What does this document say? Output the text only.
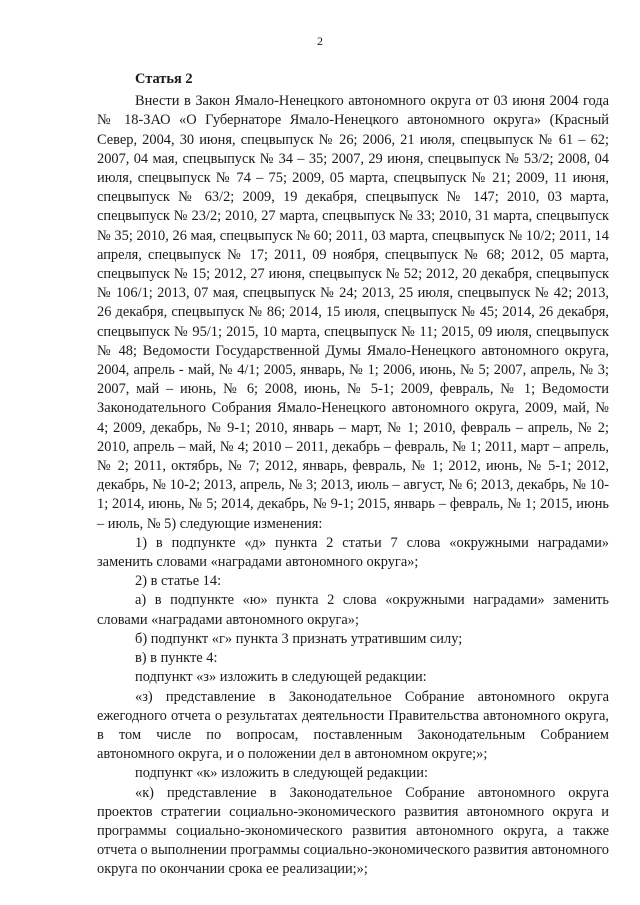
2

Статья 2

Внести в Закон Ямало-Ненецкого автономного округа от 03 июня 2004 года № 18-ЗАО «О Губернаторе Ямало-Ненецкого автономного округа» (Красный Север, 2004, 30 июня, спецвыпуск № 26; 2006, 21 июля, спецвыпуск № 61 – 62; 2007, 04 мая, спецвыпуск № 34 – 35; 2007, 29 июня, спецвыпуск № 53/2; 2008, 04 июля, спецвыпуск № 74 – 75; 2009, 05 марта, спецвыпуск № 21; 2009, 11 июня, спецвыпуск № 63/2; 2009, 19 декабря, спецвыпуск № 147; 2010, 03 марта, спецвыпуск № 23/2; 2010, 27 марта, спецвыпуск № 33; 2010, 31 марта, спецвыпуск № 35; 2010, 26 мая, спецвыпуск № 60; 2011, 03 марта, спецвыпуск № 10/2; 2011, 14 апреля, спецвыпуск № 17; 2011, 09 ноября, спецвыпуск № 68; 2012, 05 марта, спецвыпуск № 15; 2012, 27 июня, спецвыпуск № 52; 2012, 20 декабря, спецвыпуск № 106/1; 2013, 07 мая, спецвыпуск № 24; 2013, 25 июля, спецвыпуск № 42; 2013, 26 декабря, спецвыпуск № 86; 2014, 15 июля, спецвыпуск № 45; 2014, 26 декабря, спецвыпуск № 95/1; 2015, 10 марта, спецвыпуск № 11; 2015, 09 июля, спецвыпуск № 48; Ведомости Государственной Думы Ямало-Ненецкого автономного округа, 2004, апрель - май, № 4/1; 2005, январь, № 1; 2006, июнь, № 5; 2007, апрель, № 3; 2007, май – июнь, № 6; 2008, июнь, № 5-1; 2009, февраль, № 1; Ведомости Законодательного Собрания Ямало-Ненецкого автономного округа, 2009, май, № 4; 2009, декабрь, № 9-1; 2010, январь – март, № 1; 2010, февраль – апрель, № 2; 2010, апрель – май, № 4; 2010 – 2011, декабрь – февраль, № 1; 2011, март – апрель, № 2; 2011, октябрь, № 7; 2012, январь, февраль, № 1; 2012, июнь, № 5-1; 2012, декабрь, № 10-2; 2013, апрель, № 3; 2013, июль – август, № 6; 2013, декабрь, № 10-1; 2014, июнь, № 5; 2014, декабрь, № 9-1; 2015, январь – февраль, № 1; 2015, июнь – июль, № 5) следующие изменения:

1) в подпункте «д» пункта 2 статьи 7 слова «окружными наградами» заменить словами «наградами автономного округа»;

2) в статье 14:

а) в подпункте «ю» пункта 2 слова «окружными наградами» заменить словами «наградами автономного округа»;

б) подпункт «г» пункта 3 признать утратившим силу;

в) в пункте 4:

подпункт «з» изложить в следующей редакции:

«з) представление в Законодательное Собрание автономного округа ежегодного отчета о результатах деятельности Правительства автономного округа, в том числе по вопросам, поставленным Законодательным Собранием автономного округа, и о положении дел в автономном округе;»;

подпункт «к» изложить в следующей редакции:

«к) представление в Законодательное Собрание автономного округа проектов стратегии социально-экономического развития автономного округа и программы социально-экономического развития автономного округа, а также отчета о выполнении программы социально-экономического развития автономного округа по окончании срока ее реализации;»;
